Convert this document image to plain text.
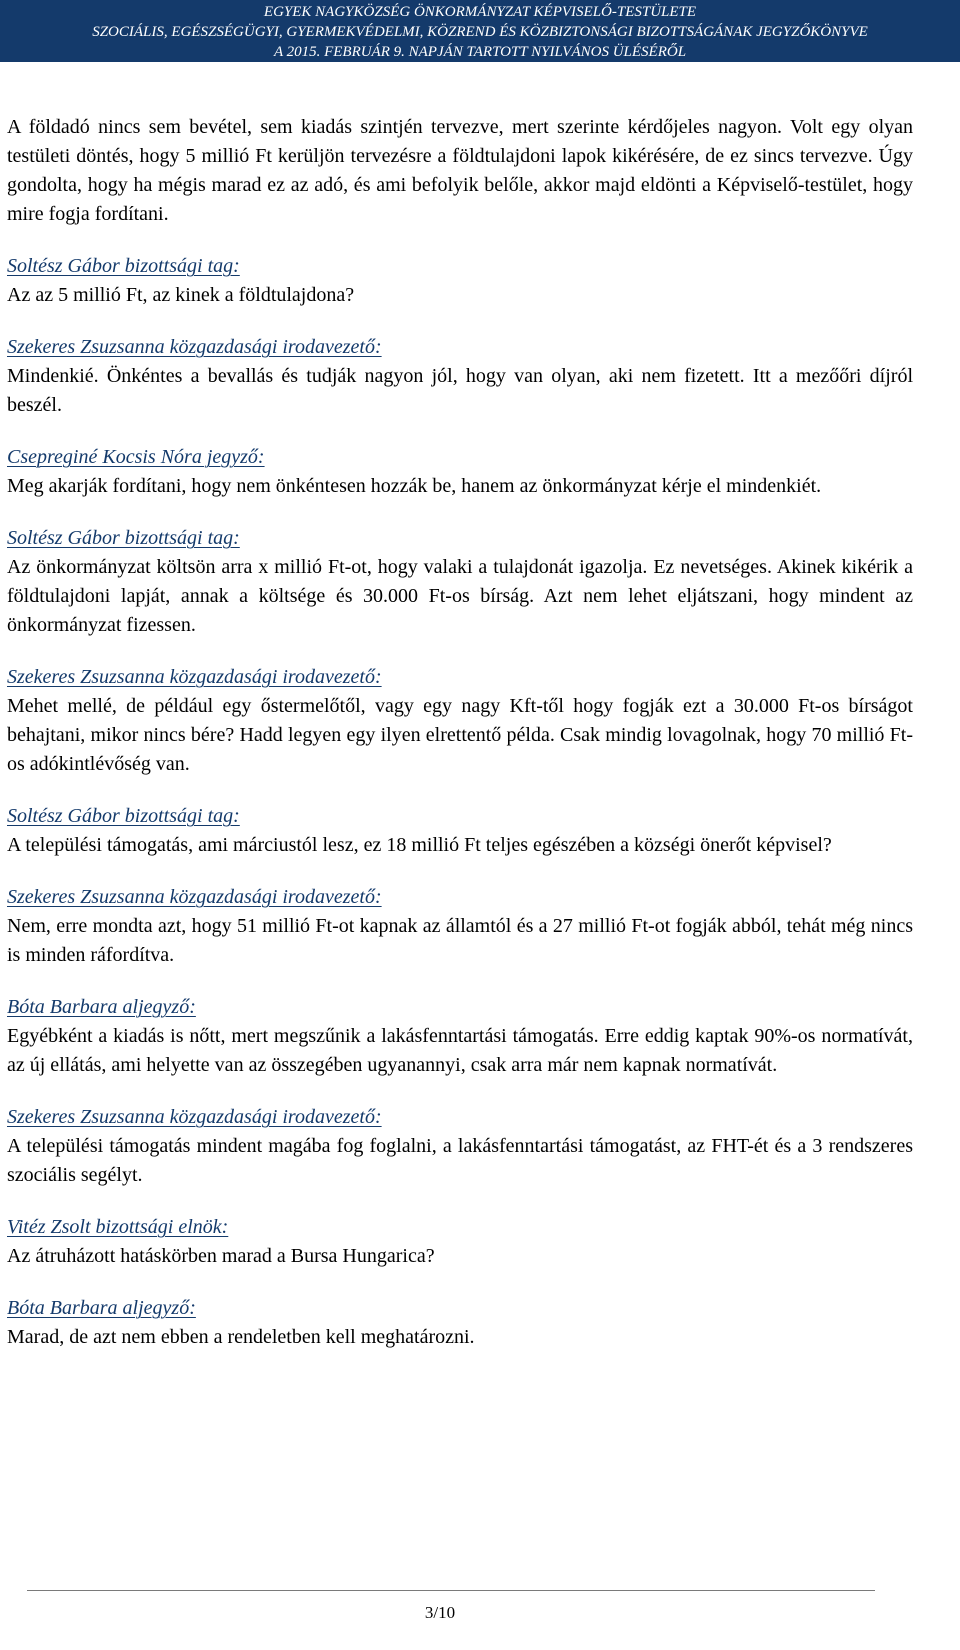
EGYEK NAGYKÖZSÉG ÖNKORMÁNYZAT KÉPVISELŐ-TESTÜLETE
SZOCIÁLIS, EGÉSZSÉGÜGYI, GYERMEKVÉDELMI, KÖZREND ÉS KÖZBIZTONSÁGI BIZOTTSÁGÁNAK JEGYZŐKÖNYVE
A 2015. FEBRUÁR 9. NAPJÁN TARTOTT NYILVÁNOS ÜLÉSÉRŐL

A földadó nincs sem bevétel, sem kiadás szintjén tervezve, mert szerinte kérdőjeles nagyon. Volt egy olyan testületi döntés, hogy 5 millió Ft kerüljön tervezésre a földtulajdoni lapok kikérésére, de ez sincs tervezve. Úgy gondolta, hogy ha mégis marad ez az adó, és ami befolyik belőle, akkor majd eldönti a Képviselő-testület, hogy mire fogja fordítani.

Soltész Gábor bizottsági tag:

Az az 5 millió Ft, az kinek a földtulajdona?

Szekeres Zsuzsanna közgazdasági irodavezető:

Mindenkié. Önkéntes a bevallás és tudják nagyon jól, hogy van olyan, aki nem fizetett. Itt a mezőőri díjról beszél.

Csepreginé Kocsis Nóra jegyző:

Meg akarják fordítani, hogy nem önkéntesen hozzák be, hanem az önkormányzat kérje el mindenkiét.

Soltész Gábor bizottsági tag:

Az önkormányzat költsön arra x millió Ft-ot, hogy valaki a tulajdonát igazolja. Ez nevetséges. Akinek kikérik a földtulajdoni lapját, annak a költsége és 30.000 Ft-os bírság. Azt nem lehet eljátszani, hogy mindent az önkormányzat fizessen.

Szekeres Zsuzsanna közgazdasági irodavezető:

Mehet mellé, de például egy őstermelőtől, vagy egy nagy Kft-től hogy fogják ezt a 30.000 Ft-os bírságot behajtani, mikor nincs bére? Hadd legyen egy ilyen elrettentő példa. Csak mindig lovagolnak, hogy 70 millió Ft-os adókintlévőség van.

Soltész Gábor bizottsági tag:

A települési támogatás, ami márciustól lesz, ez 18 millió Ft teljes egészében a községi önerőt képvisel?

Szekeres Zsuzsanna közgazdasági irodavezető:

Nem, erre mondta azt, hogy 51 millió Ft-ot kapnak az államtól és a 27 millió Ft-ot fogják abból, tehát még nincs is minden ráfordítva.

Bóta Barbara aljegyző:

Egyébként a kiadás is nőtt, mert megszűnik a lakásfenntartási támogatás. Erre eddig kaptak 90%-os normatívát, az új ellátás, ami helyette van az összegében ugyanannyi, csak arra már nem kapnak normatívát.

Szekeres Zsuzsanna közgazdasági irodavezető:

A települési támogatás mindent magába fog foglalni, a lakásfenntartási támogatást, az FHT-ét és a 3 rendszeres szociális segélyt.

Vitéz Zsolt bizottsági elnök:

Az átruházott hatáskörben marad a Bursa Hungarica?

Bóta Barbara aljegyző:

Marad, de azt nem ebben a rendeletben kell meghatározni.

3/10
